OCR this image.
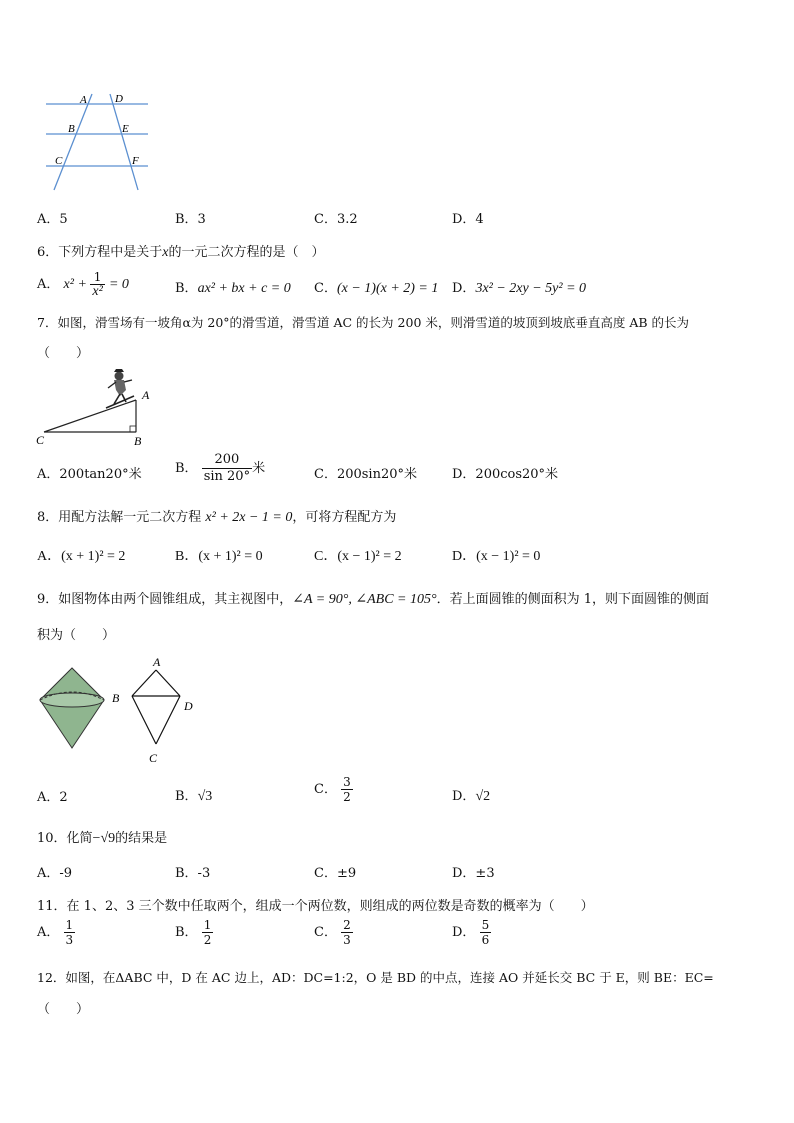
A	D
B	E
C	F
A．5	B．3	C．3.2	D．4
6．下列方程中是关于x的一元二次方程的是（　）
A． $x^2 + \frac{1}{\text{x²}} = 0$	B．ax² + bx + c = 0 C．(x − 1)(x + 2) = 1 D．3x² − 2xy − 5y² = 0
7．如图，滑雪场有一坡角α为 20°的滑雪道，滑雪道 AC 的长为 200 米，则滑雪道的坡顶到坡底垂直高度 AB 的长为
（　　）
A
C	B
A．200tan20°米	B． $\frac{200}{\sin 20^\circ}$ 米	C．200sin20°米	D．200cos20°米
8．用配方法解一元二次方程 x² + 2x − 1 = 0，可将方程配方为
A．(x + 1)² = 2	B．(x + 1)² = 0	C．(x − 1)² = 2	D．(x − 1)² = 0
9．如图物体由两个圆锥组成，其主视图中，∠A = 90°, ∠ABC = 105°．若上面圆锥的侧面积为 1，则下面圆锥的侧面
积为（　　）
A
B
D
C
A．2	B．√3	C． $\frac{3}{2}$	D．√2
10．化简−√9的结果是
A．-9	B．-3	C．±9	D．±3
11．在 1、2、3 三个数中任取两个，组成一个两位数，则组成的两位数是奇数的概率为（　　）
A． $\frac{1}{3}$	B． $\frac{1}{2}$	C． $\frac{2}{3}$	D． $\frac{5}{6}$
12．如图，在ΔABC 中，D 在 AC 边上，AD：DC=1:2，O 是 BD 的中点，连接 AO 并延长交 BC 于 E，则 BE：EC=
（　　）
